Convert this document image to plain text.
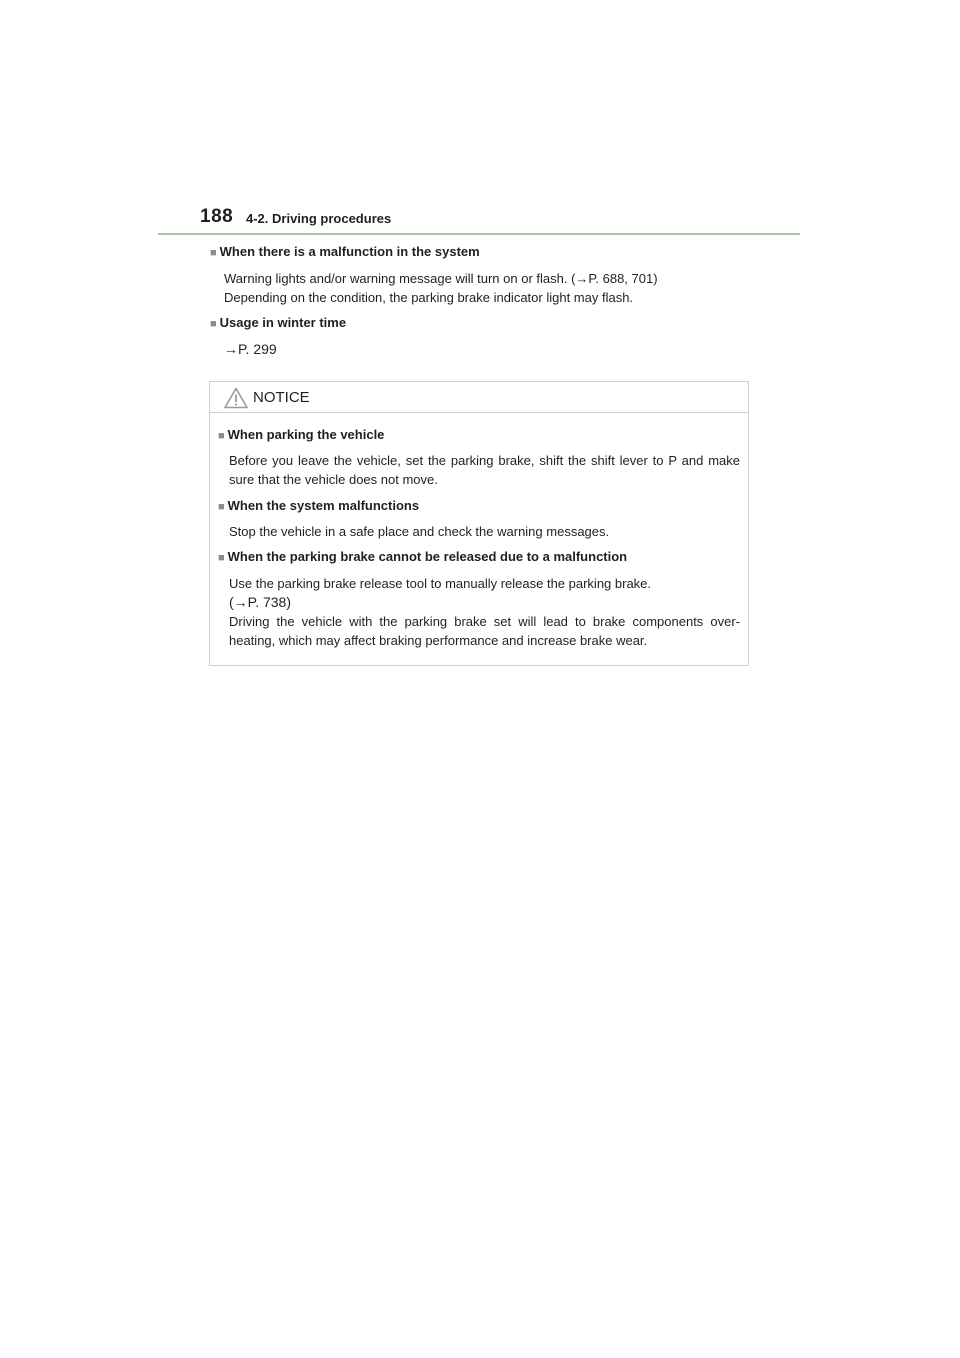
188 4-2. Driving procedures
■ When there is a malfunction in the system
Warning lights and/or warning message will turn on or flash. (→P. 688, 701)
Depending on the condition, the parking brake indicator light may flash.
■ Usage in winter time
→P. 299
NOTICE
■ When parking the vehicle
Before you leave the vehicle, set the parking brake, shift the shift lever to P and make sure that the vehicle does not move.
■ When the system malfunctions
Stop the vehicle in a safe place and check the warning messages.
■ When the parking brake cannot be released due to a malfunction
Use the parking brake release tool to manually release the parking brake.
(→P. 738)
Driving the vehicle with the parking brake set will lead to brake components over-heating, which may affect braking performance and increase brake wear.
